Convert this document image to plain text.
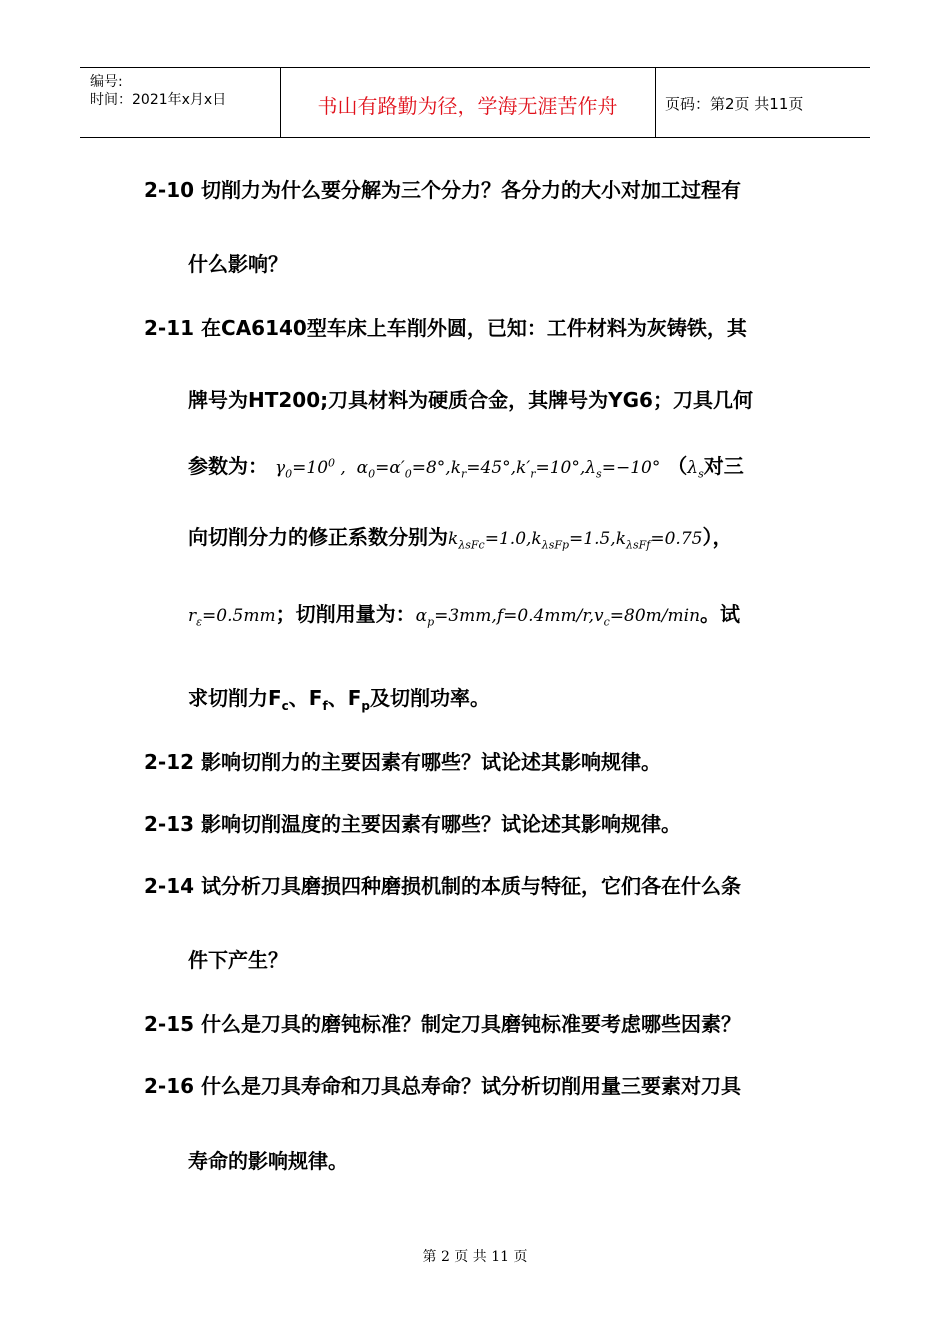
编号:
时间：2021年x月x日	书山有路勤为径，学海无涯苦作舟	页码：第2页 共11页
2-10 切削力为什么要分解为三个分力？各分力的大小对加工过程有
什么影响？
2-11 在CA6140型车床上车削外圆，已知：工件材料为灰铸铁，其
牌号为HT200;刀具材料为硬质合金，其牌号为YG6；刀具几何
参数为： $\gamma_0=10^0$ ,  $\alpha_0=\alpha'_0=8^\circ,k_r=45^\circ,k'_r=10^\circ,\lambda_s=-10^\circ$ （$\lambda_s$对三
向切削分力的修正系数分别为$k_{\lambda sFc}=1.0,k_{\lambda sFp}=1.5,k_{\lambda sFf}=0.75$），
$r_\varepsilon=0.5mm$；切削用量为：$\alpha_p=3mm,f=0.4mm/r,v_c=80m/\min$。试
求切削力$F_c$、$F_f$、$F_p$及切削功率。
2-12 影响切削力的主要因素有哪些？试论述其影响规律。
2-13 影响切削温度的主要因素有哪些？试论述其影响规律。
2-14 试分析刀具磨损四种磨损机制的本质与特征，它们各在什么条
件下产生？
2-15 什么是刀具的磨钝标准？制定刀具磨钝标准要考虑哪些因素？
2-16 什么是刀具寿命和刀具总寿命？试分析切削用量三要素对刀具
寿命的影响规律。
第 2 页 共 11 页
